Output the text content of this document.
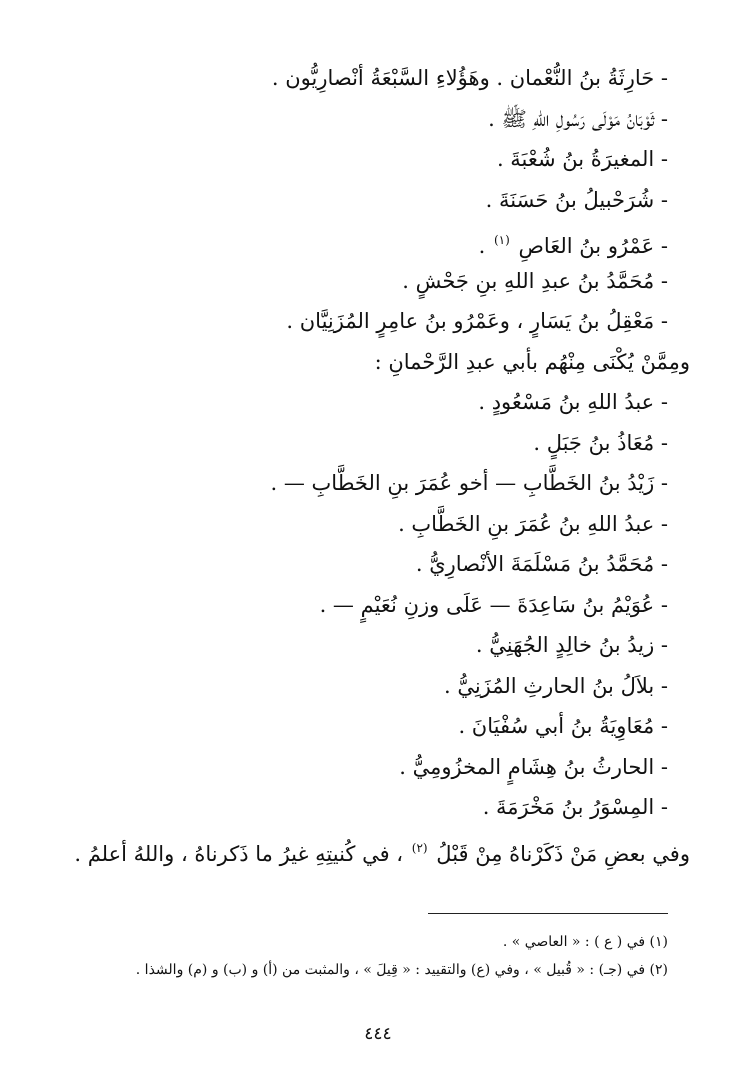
- حَارِثَةُ بنُ النُّعْمان . وهَؤُلاءِ السَّبْعَةُ أنْصارِيُّون .
- ثَوْبَانُ مَوْلَى رَسُولِ اللهِ ﷺ .
- المغيرَةُ بنُ شُعْبَةَ .
- شُرَحْبيلُ بنُ حَسَنَةَ .
- عَمْرُو بنُ العَاصِ $^{(١)}$ .
- مُحَمَّدُ بنُ عبدِ اللهِ بنِ جَحْشٍ .
- مَعْقِلُ بنُ يَسَارٍ ، وعَمْرُو بنُ عامِرٍ المُزَنِيَّان .
ومِمَّنْ يُكْنَى مِنْهُم بأبي عبدِ الرَّحْمانِ :
- عبدُ اللهِ بنُ مَسْعُودٍ .
- مُعَاذُ بنُ جَبَلٍ .
- زَيْدُ بنُ الخَطَّابِ — أخو عُمَرَ بنِ الخَطَّابِ — .
- عبدُ اللهِ بنُ عُمَرَ بنِ الخَطَّابِ .
- مُحَمَّدُ بنُ مَسْلَمَةَ الأنْصارِيُّ .
- عُوَيْمُ بنُ سَاعِدَةَ — عَلَى وزنِ نُعَيْمٍ — .
- زيدُ بنُ خالِدٍ الجُهَنِيُّ .
- بلاَلُ بنُ الحارثِ المُزَنِيُّ .
- مُعَاوِيَةُ بنُ أبي سُفْيَانَ .
- الحارثُ بنُ هِشَامٍ المخزُومِيُّ .
- المِسْوَرُ بنُ مَخْرَمَةَ .
وفي بعضِ مَنْ ذَكَرْناهُ مِنْ قَبْلُ $^{(٢)}$ ، في كُنيتِهِ غيرُ ما ذَكرناهُ ، واللهُ أعلمُ .
(١) في ( ع ) : « العاصي » .
(٢) في (جـ) : « قُبيل » ، وفي (ع) والتقييد : « قِيلَ » ، والمثبت من (أ) و (ب) و (م) والشذا .
٤٤٤
